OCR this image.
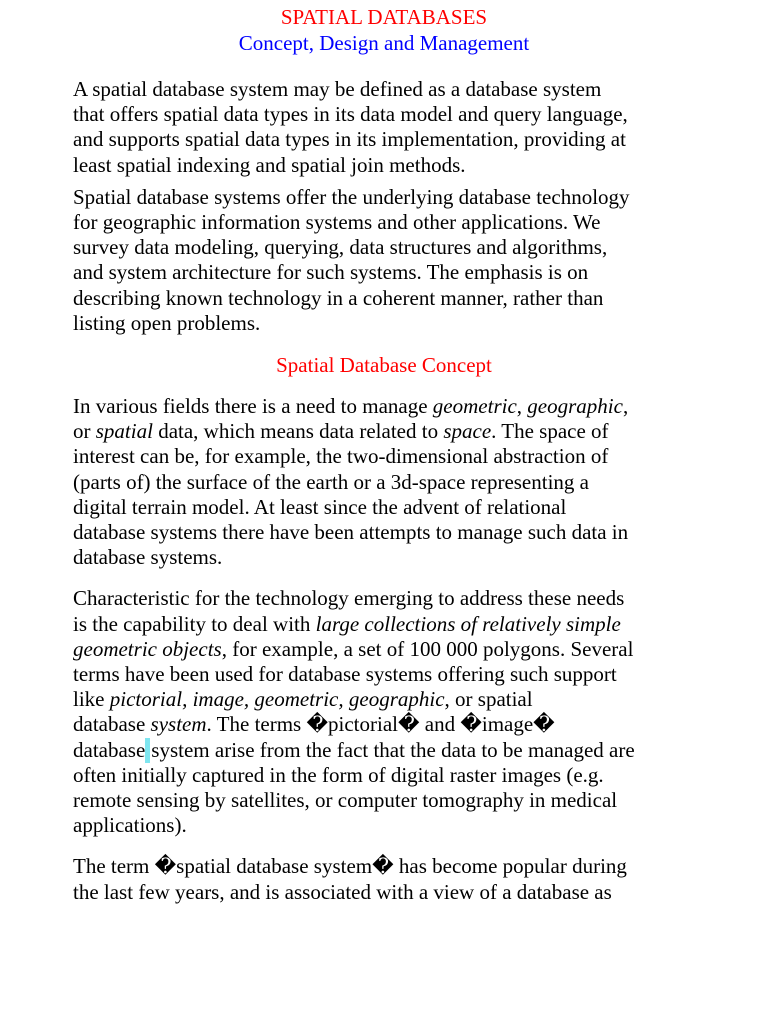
SPATIAL DATABASES
Concept, Design and Management

A spatial database system may be defined as a database system
that offers spatial data types in its data model and query language,
and supports spatial data types in its implementation, providing at
least spatial indexing and spatial join methods.

Spatial database systems offer the underlying database technology
for geographic information systems and other applications. We
survey data modeling, querying, data structures and algorithms,
and system architecture for such systems. The emphasis is on
describing known technology in a coherent manner, rather than
listing open problems.

Spatial Database Concept

In various fields there is a need to manage geometric, geographic,
or spatial data, which means data related to space. The space of
interest can be, for example, the two-dimensional abstraction of
(parts of) the surface of the earth or a 3d-space representing a
digital terrain model. At least since the advent of relational
database systems there have been attempts to manage such data in
database systems.

Characteristic for the technology emerging to address these needs
is the capability to deal with large collections of relatively simple
geometric objects, for example, a set of 100 000 polygons. Several
terms have been used for database systems offering such support
like pictorial, image, geometric, geographic, or spatial
database system. The terms �pictorial� and �image�
database system arise from the fact that the data to be managed are
often initially captured in the form of digital raster images (e.g.
remote sensing by satellites, or computer tomography in medical
applications).

The term �spatial database system� has become popular during
the last few years, and is associated with a view of a database as
